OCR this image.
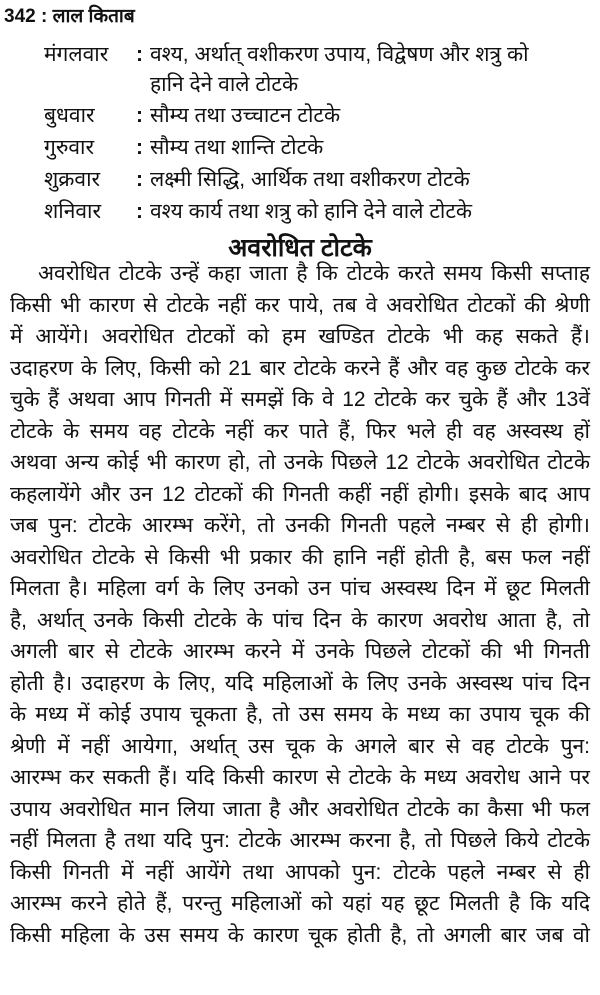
342 : लाल किताब
मंगलवार : वश्य, अर्थात् वशीकरण उपाय, विद्वेषण और शत्रु को
हानि देने वाले टोटके
बुधवार : सौम्य तथा उच्चाटन टोटके
गुरुवार : सौम्य तथा शान्ति टोटके
शुक्रवार : लक्ष्मी सिद्धि, आर्थिक तथा वशीकरण टोटके
शनिवार : वश्य कार्य तथा शत्रु को हानि देने वाले टोटके
अवरोधित टोटके
अवरोधित टोटके उन्हें कहा जाता है कि टोटके करते समय किसी सप्ताह
किसी भी कारण से टोटके नहीं कर पाये, तब वे अवरोधित टोटकों की श्रेणी
में आयेंगे। अवरोधित टोटकों को हम खण्डित टोटके भी कह सकते हैं।
उदाहरण के लिए, किसी को 21 बार टोटके करने हैं और वह कुछ टोटके कर
चुके हैं अथवा आप गिनती में समझें कि वे 12 टोटके कर चुके हैं और 13वें
टोटके के समय वह टोटके नहीं कर पाते हैं, फिर भले ही वह अस्वस्थ हों
अथवा अन्य कोई भी कारण हो, तो उनके पिछले 12 टोटके अवरोधित टोटके
कहलायेंगे और उन 12 टोटकों की गिनती कहीं नहीं होगी। इसके बाद आप
जब पुन: टोटके आरम्भ करेंगे, तो उनकी गिनती पहले नम्बर से ही होगी।
अवरोधित टोटके से किसी भी प्रकार की हानि नहीं होती है, बस फल नहीं
मिलता है। महिला वर्ग के लिए उनको उन पांच अस्वस्थ दिन में छूट मिलती
है, अर्थात् उनके किसी टोटके के पांच दिन के कारण अवरोध आता है, तो
अगली बार से टोटके आरम्भ करने में उनके पिछले टोटकों की भी गिनती
होती है। उदाहरण के लिए, यदि महिलाओं के लिए उनके अस्वस्थ पांच दिन
के मध्य में कोई उपाय चूकता है, तो उस समय के मध्य का उपाय चूक की
श्रेणी में नहीं आयेगा, अर्थात् उस चूक के अगले बार से वह टोटके पुन:
आरम्भ कर सकती हैं। यदि किसी कारण से टोटके के मध्य अवरोध आने पर
उपाय अवरोधित मान लिया जाता है और अवरोधित टोटके का कैसा भी फल
नहीं मिलता है तथा यदि पुन: टोटके आरम्भ करना है, तो पिछले किये टोटके
किसी गिनती में नहीं आयेंगे तथा आपको पुन: टोटके पहले नम्बर से ही
आरम्भ करने होते हैं, परन्तु महिलाओं को यहां यह छूट मिलती है कि यदि
किसी महिला के उस समय के कारण चूक होती है, तो अगली बार जब वो
